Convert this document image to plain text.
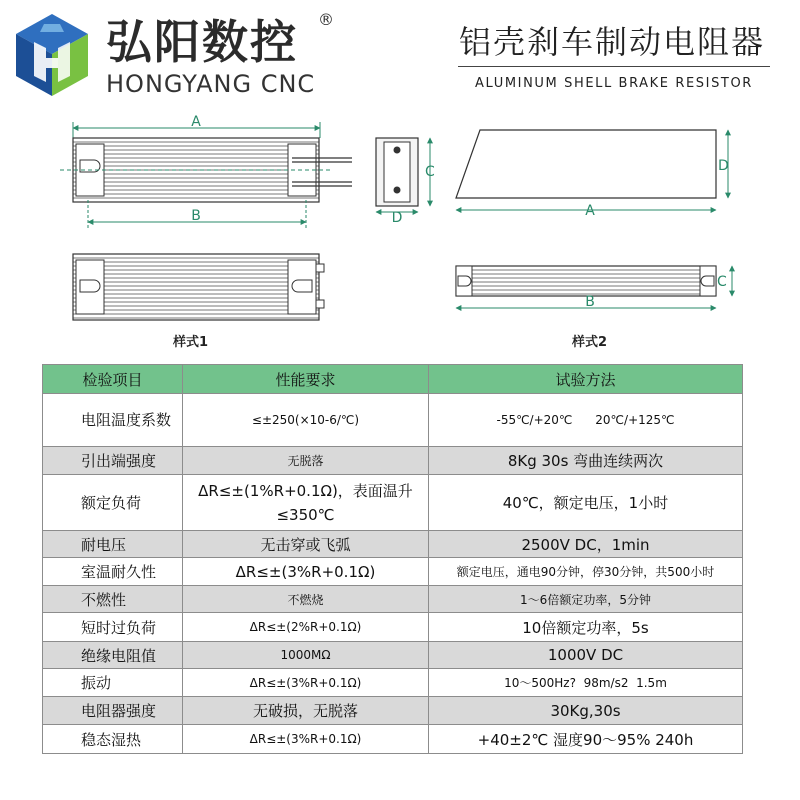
弘阳数控 ®
HONGYANG CNC
铝壳刹车制动电阻器
ALUMINUM SHELL BRAKE RESISTOR
A
B
C
D	A
D
B
C
样式1	样式2
检验项目	性能要求	试验方法

电阻温度系数	≤±250(×10-6/℃)	-55℃/+20℃      20℃/+125℃
引出端强度	无脱落	8Kg 30s 弯曲连续两次
额定负荷	ΔR≤±(1%R+0.1Ω)，表面温升≤350℃	40℃，额定电压，1小时
耐电压	无击穿或飞弧	2500V DC，1min
室温耐久性	ΔR≤±(3%R+0.1Ω)	额定电压，通电90分钟，停30分钟，共500小时
不燃性	不燃烧	1～6倍额定功率，5分钟
短时过负荷	ΔR≤±(2%R+0.1Ω)	10倍额定功率，5s
绝缘电阻值	1000MΩ	1000V DC
振动	ΔR≤±(3%R+0.1Ω)	10～500Hz?  98m/s2  1.5m
电阻器强度	无破损，无脱落	30Kg,30s
稳态湿热	ΔR≤±(3%R+0.1Ω)	+40±2℃ 湿度90～95% 240h
